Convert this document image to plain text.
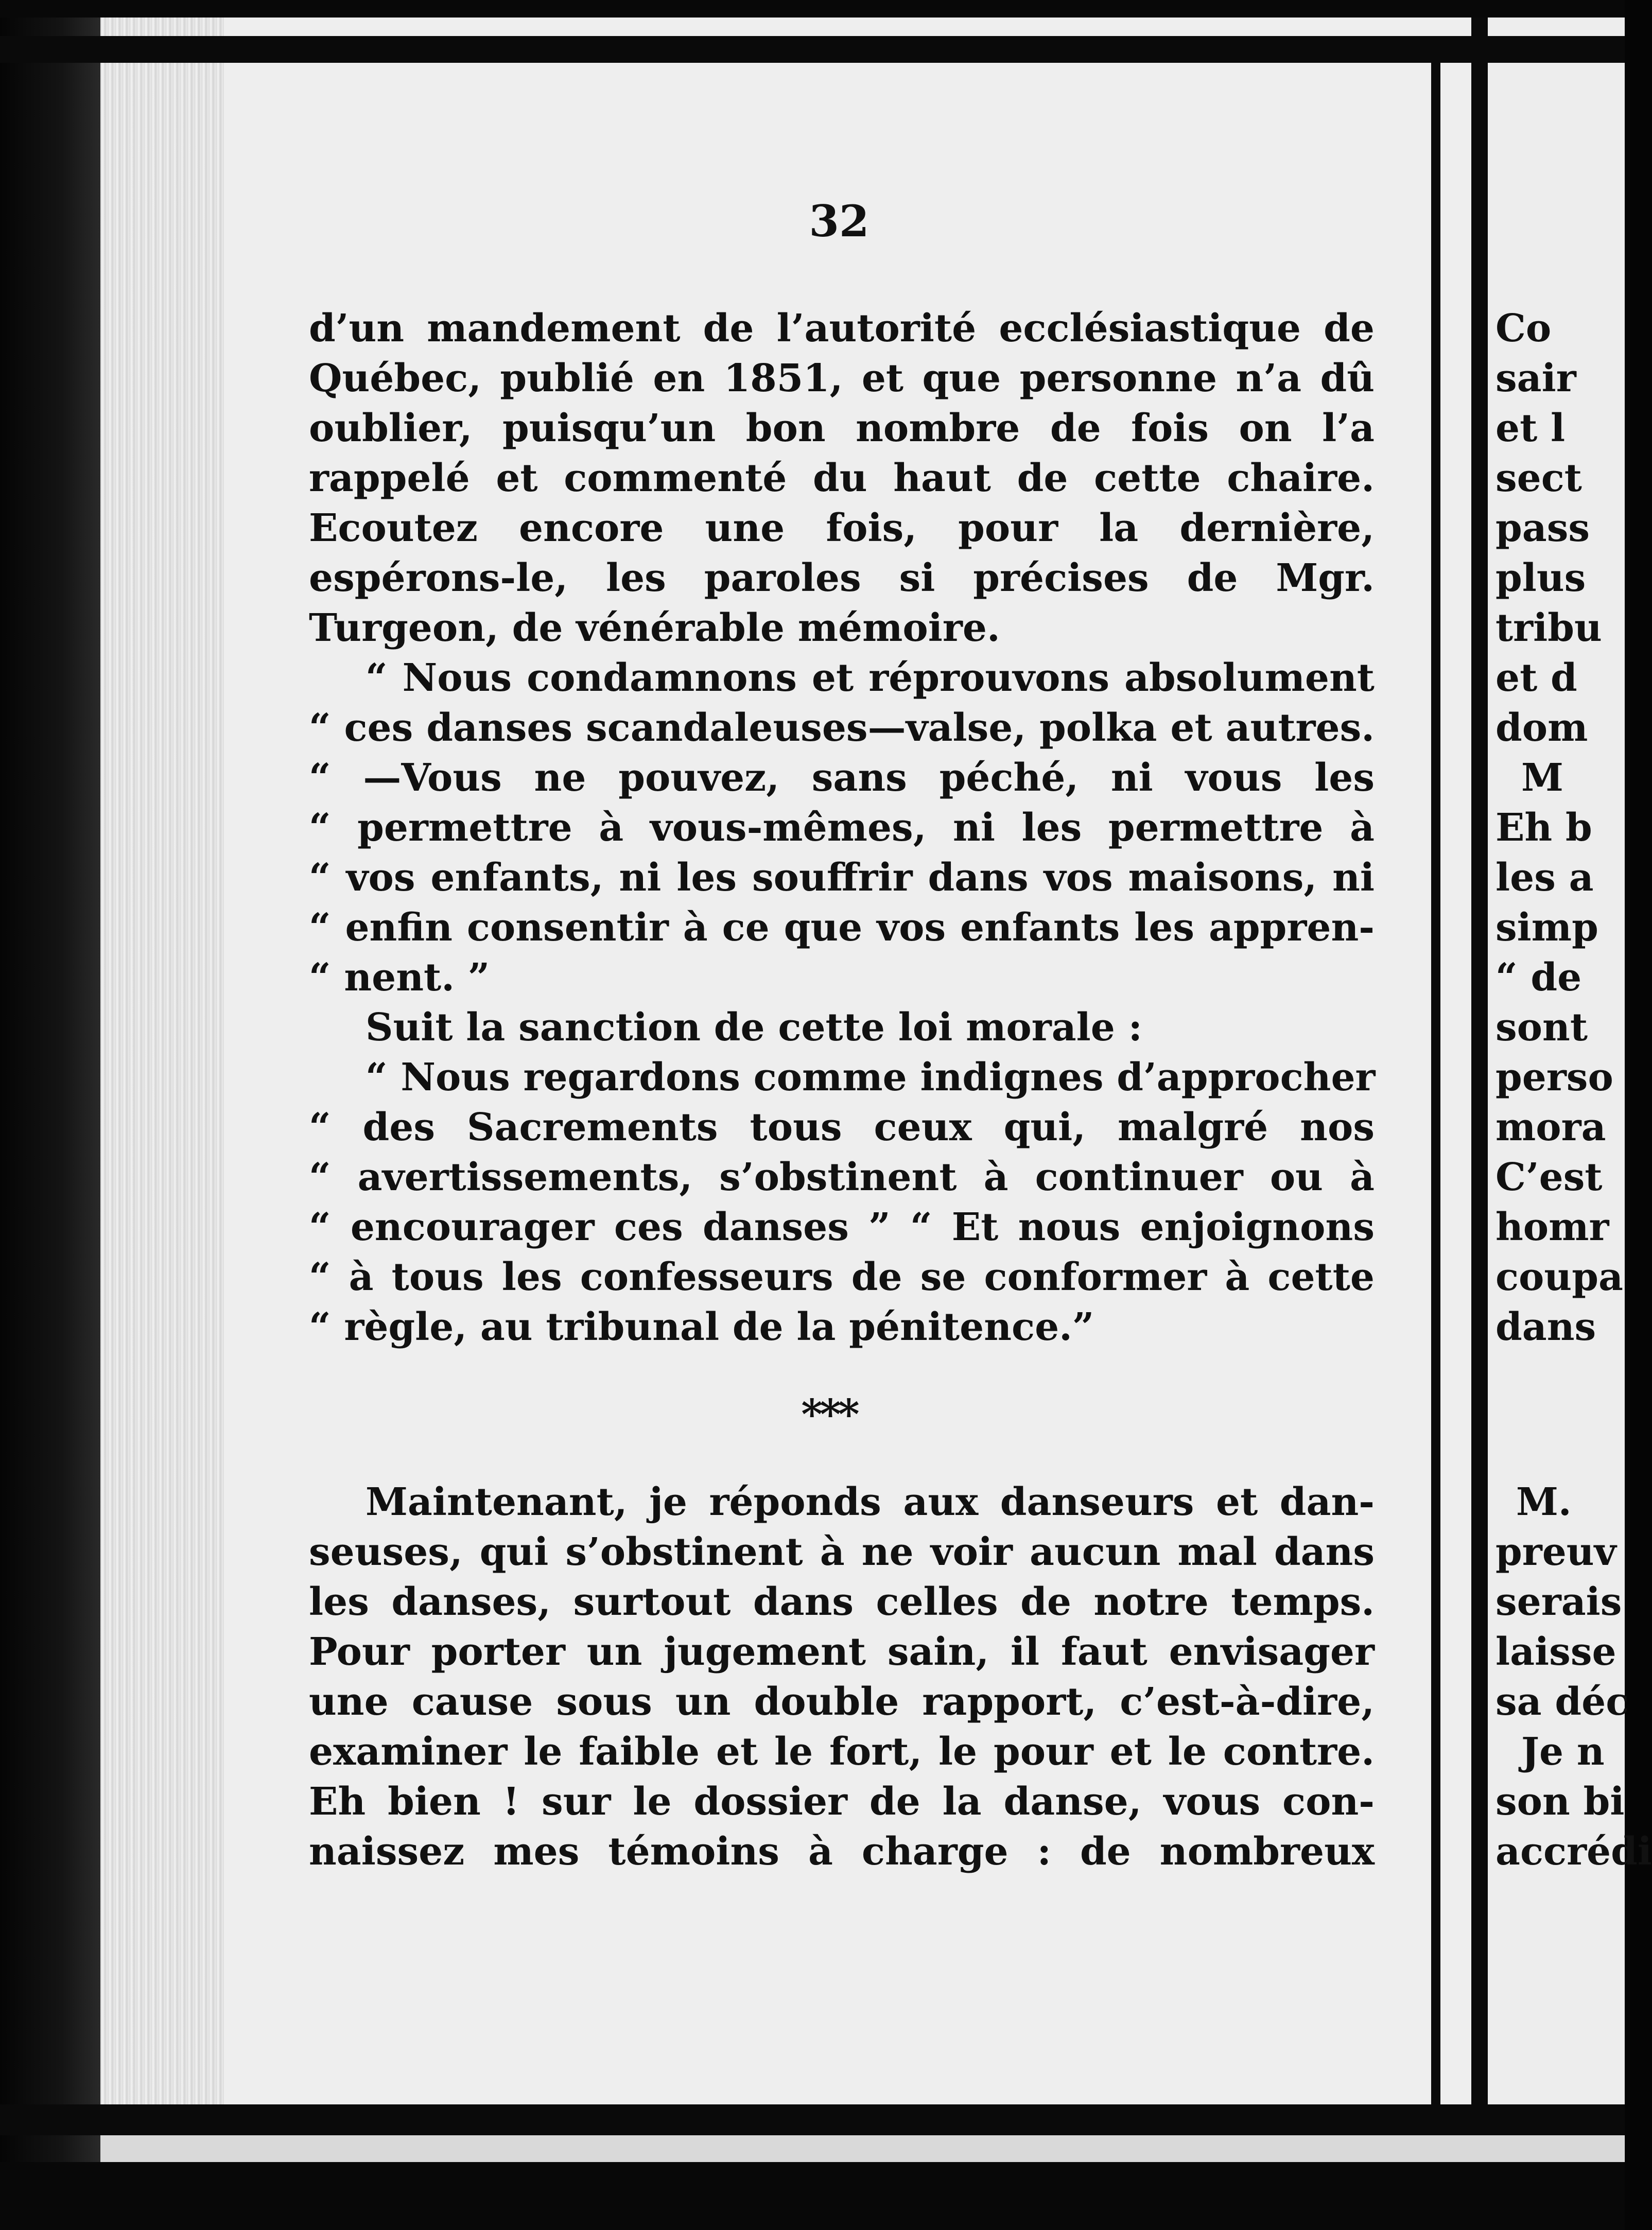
32
d’un mandement de l’autorité ecclésiastique de
Québec, publié en 1851, et que personne n’a dû
oublier, puisqu’un bon nombre de fois on l’a
rappelé et commenté du haut de cette chaire.
Ecoutez encore une fois, pour la dernière,
espérons-le, les paroles si précises de Mgr.
Turgeon, de vénérable mémoire.
“ Nous condamnons et réprouvons absolument
“ ces danses scandaleuses—valse, polka et autres.
“ —Vous ne pouvez, sans péché, ni vous les
“ permettre à vous-mêmes, ni les permettre à
“ vos enfants, ni les souffrir dans vos maisons, ni
“ enfin consentir à ce que vos enfants les appren-
“ nent. ”
Suit la sanction de cette loi morale :
“ Nous regardons comme indignes d’approcher
“ des Sacrements tous ceux qui, malgré nos
“ avertissements, s’obstinent à continuer ou à
“ encourager ces danses ” “ Et nous enjoignons
“ à tous les confesseurs de se conformer à cette
“ règle, au tribunal de la pénitence.”
***
Maintenant, je réponds aux danseurs et dan-
seuses, qui s’obstinent à ne voir aucun mal dans
les danses, surtout dans celles de notre temps.
Pour porter un jugement sain, il faut envisager
une cause sous un double rapport, c’est-à-dire,
examiner le faible et le fort, le pour et le contre.
Eh bien ! sur le dossier de la danse, vous con-
naissez mes témoins à charge : de nombreux
Co
sair
et l
sect
pass
plus
tribu
et d
dom
M
Eh b
les a
simp
“ de
sont
perso
mora
C’est
homr
coupa
dans
M.
preuv
serais
laisse
sa déc
Je n
son bi
accrédi
